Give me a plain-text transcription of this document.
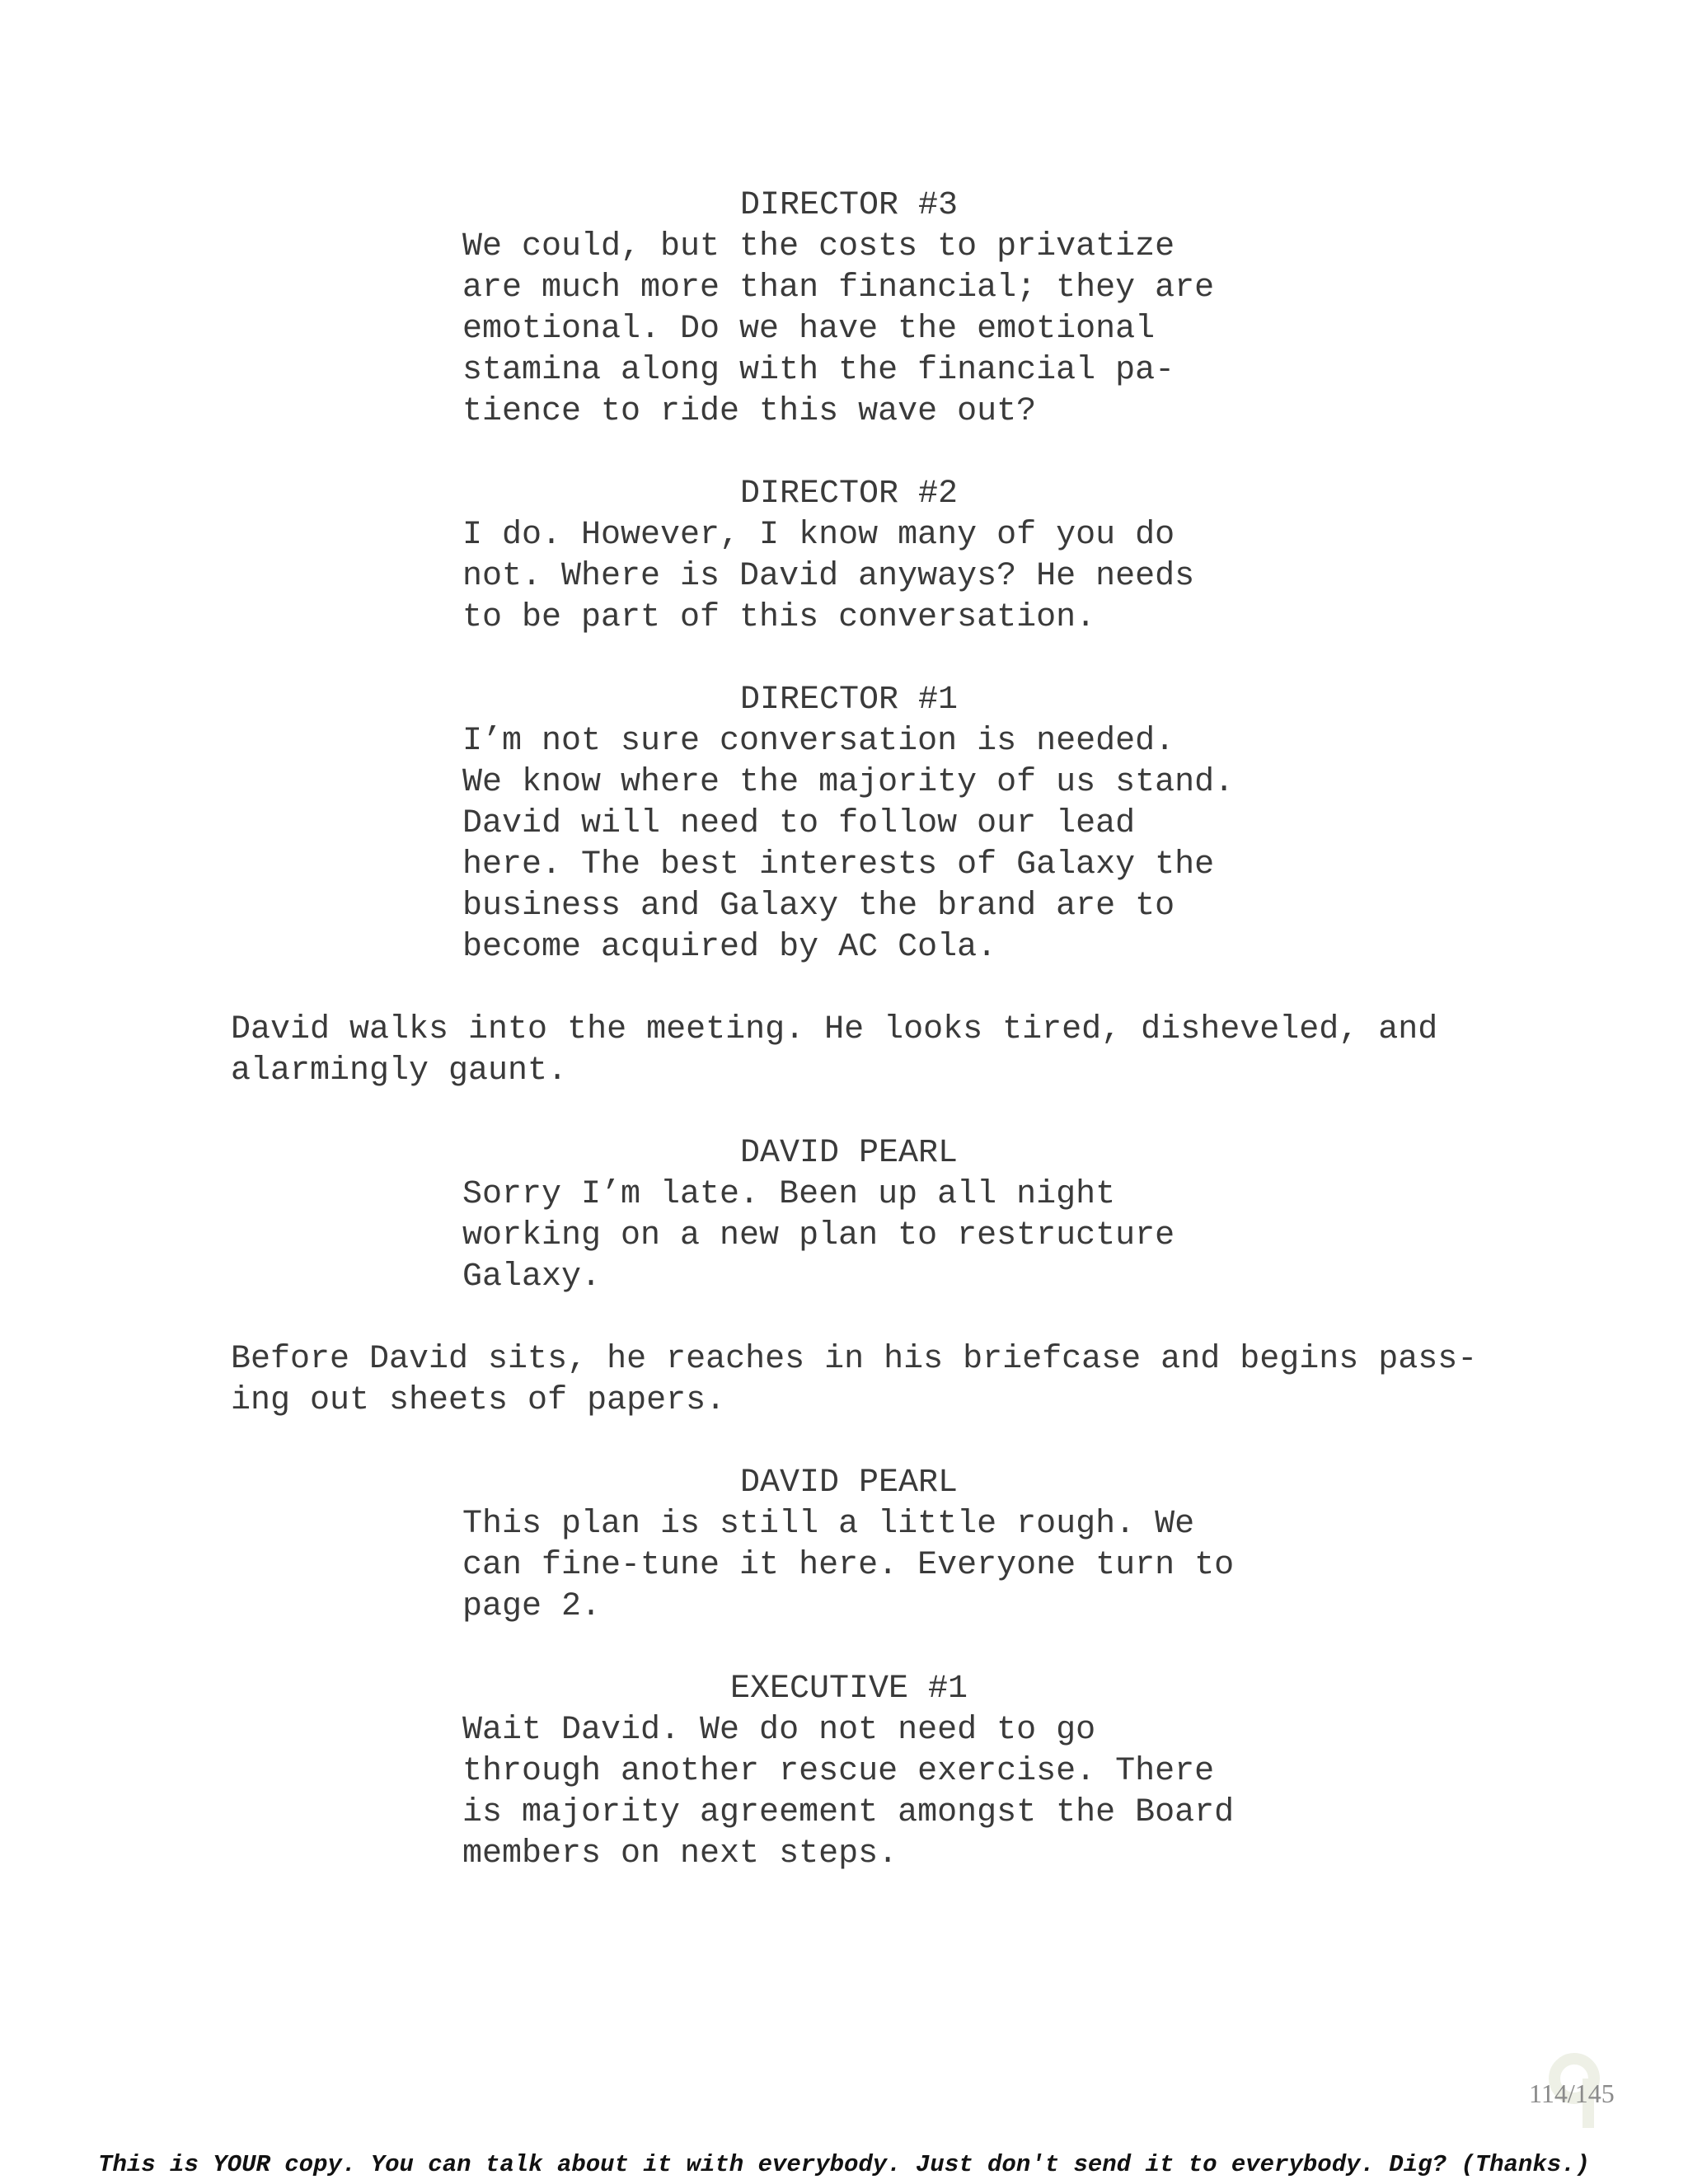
DIRECTOR #3
We could, but the costs to privatize
are much more than financial; they are
emotional. Do we have the emotional
stamina along with the financial pa-
tience to ride this wave out?
DIRECTOR #2
I do. However, I know many of you do
not. Where is David anyways? He needs
to be part of this conversation.
DIRECTOR #1
I’m not sure conversation is needed.
We know where the majority of us stand.
David will need to follow our lead
here. The best interests of Galaxy the
business and Galaxy the brand are to
become acquired by AC Cola.
David walks into the meeting. He looks tired, disheveled, and
alarmingly gaunt.
DAVID PEARL
Sorry I’m late. Been up all night
working on a new plan to restructure
Galaxy.
Before David sits, he reaches in his briefcase and begins pass-
ing out sheets of papers.
DAVID PEARL
This plan is still a little rough. We
can fine-tune it here. Everyone turn to
page 2.
EXECUTIVE #1
Wait David. We do not need to go
through another rescue exercise. There
is majority agreement amongst the Board
members on next steps.
114/145
This is YOUR copy. You can talk about it with everybody. Just don't send it to everybody. Dig? (Thanks.)
